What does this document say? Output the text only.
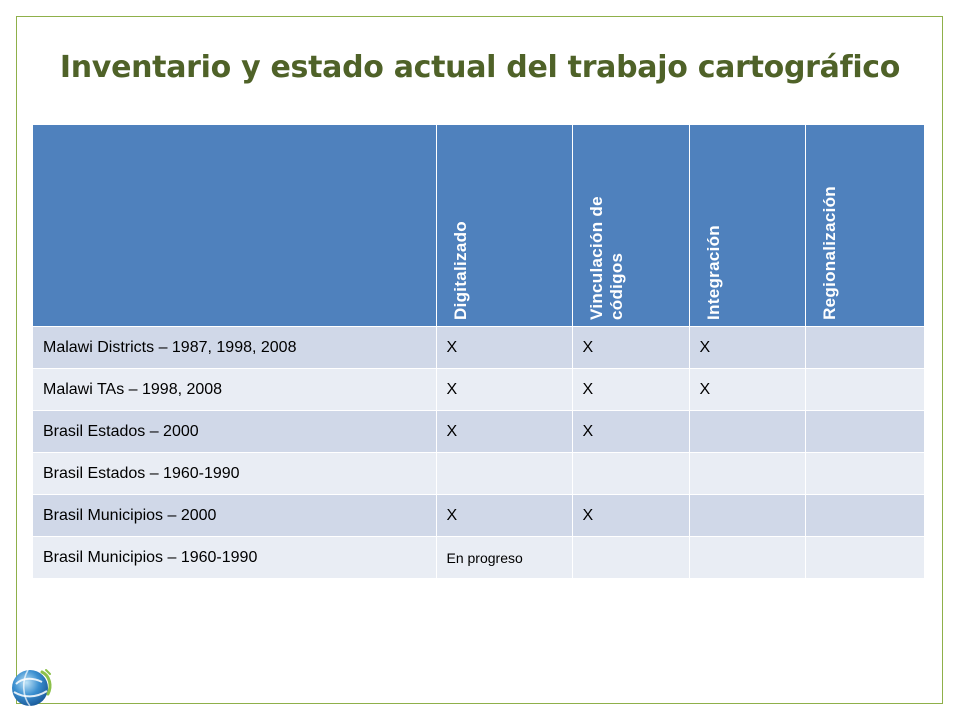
Inventario y estado actual del trabajo cartográfico

	Digitalizado	Vinculación de códigos	Integración	Regionalización

Malawi Districts – 1987, 1998, 2008	X	X	X	
Malawi TAs – 1998, 2008	X	X	X	
Brasil Estados – 2000	X	X		
Brasil Estados – 1960-1990				
Brasil Municipios – 2000	X	X		
Brasil Municipios – 1960-1990	En progreso			
